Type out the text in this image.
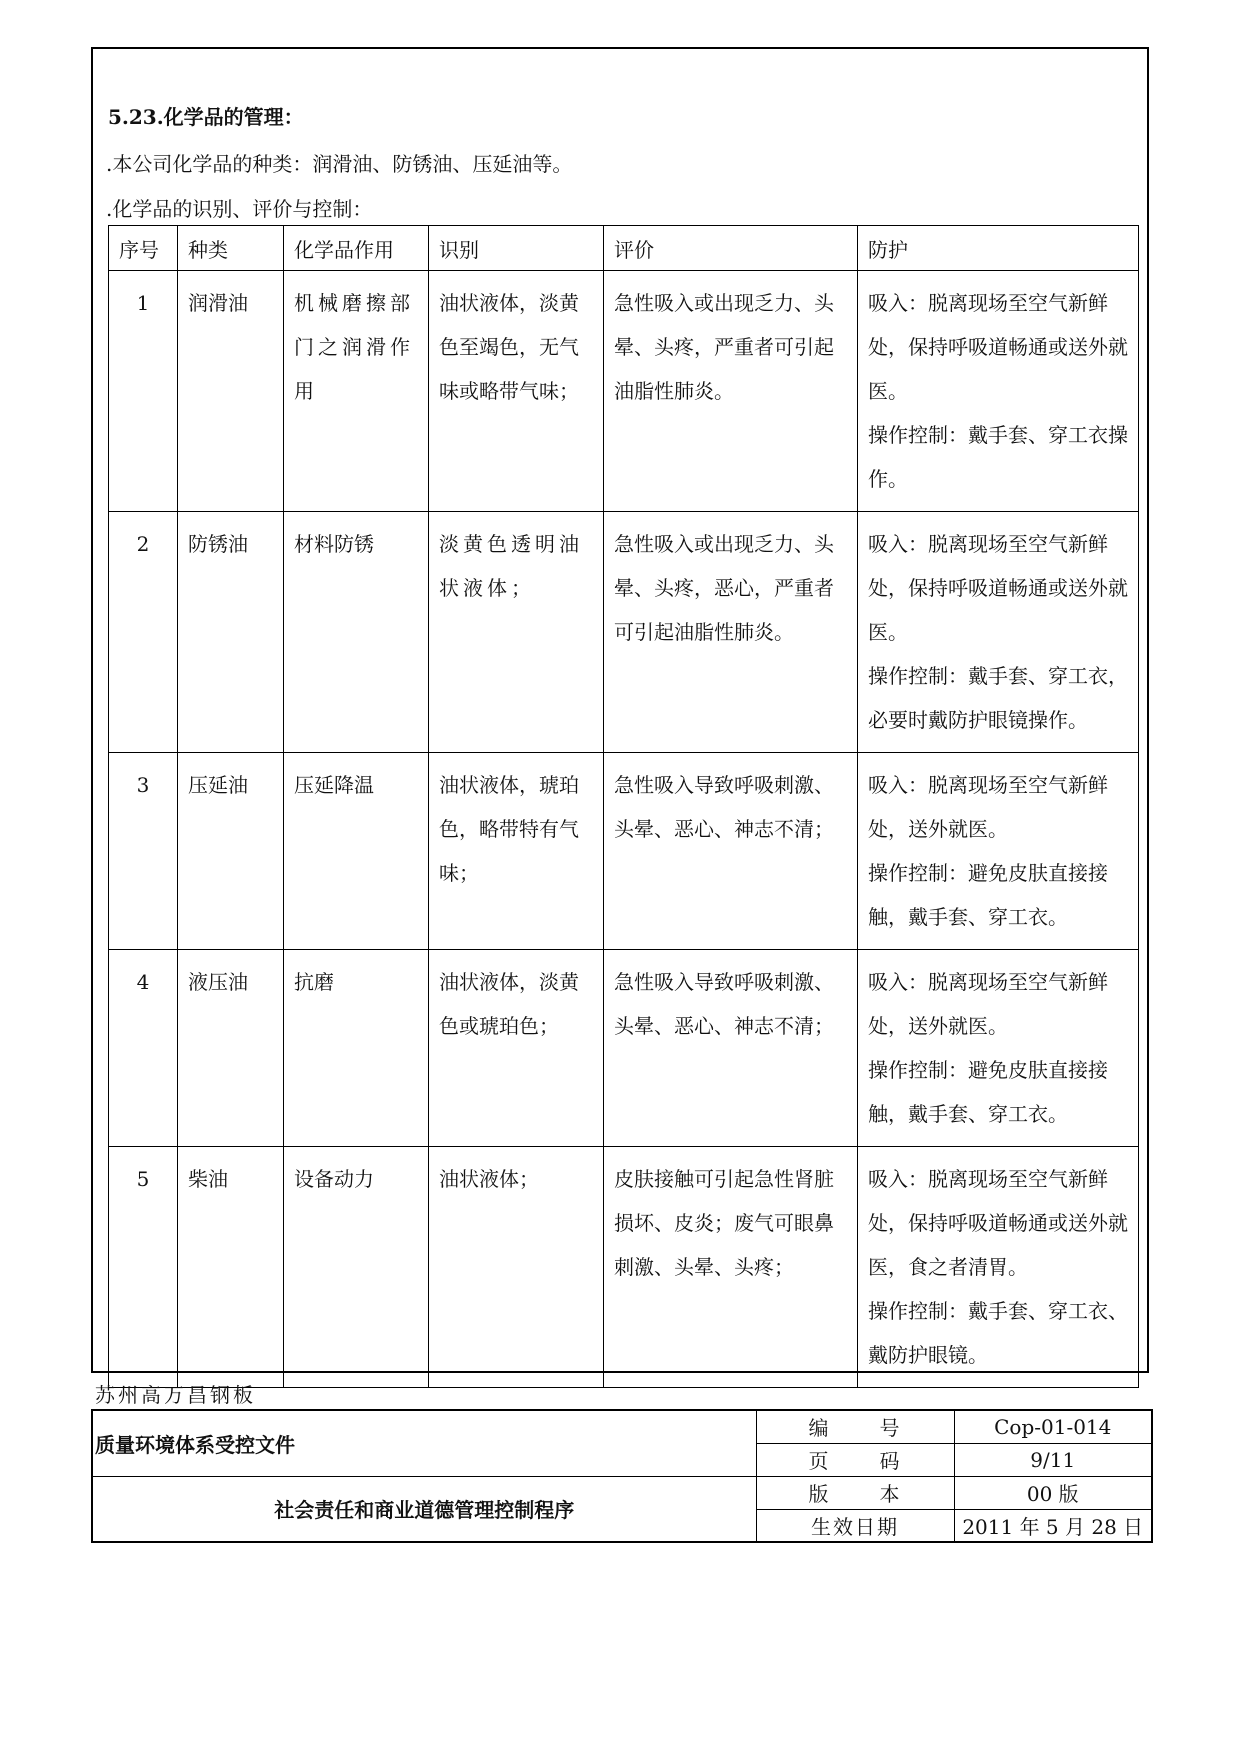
5.23.化学品的管理：
.本公司化学品的种类：润滑油、防锈油、压延油等。
.化学品的识别、评价与控制：
序号	种类	化学品作用	识别	评价	防护
1	润滑油	机械磨擦部门之润滑作用	油状液体，淡黄色至竭色，无气味或略带气味；	急性吸入或出现乏力、头晕、头疼，严重者可引起油脂性肺炎。	吸入：脱离现场至空气新鲜处，保持呼吸道畅通或送外就医。
操作控制：戴手套、穿工衣操作。

2	防锈油	材料防锈	淡黄色透明油状液体；	急性吸入或出现乏力、头晕、头疼，恶心，严重者可引起油脂性肺炎。	吸入：脱离现场至空气新鲜处，保持呼吸道畅通或送外就医。
操作控制：戴手套、穿工衣，必要时戴防护眼镜操作。

3	压延油	压延降温	油状液体，琥珀色，略带特有气味；	急性吸入导致呼吸刺激、头晕、恶心、神志不清；	吸入：脱离现场至空气新鲜处，送外就医。
操作控制：避免皮肤直接接触，戴手套、穿工衣。

4	液压油	抗磨	油状液体，淡黄色或琥珀色；	急性吸入导致呼吸刺激、头晕、恶心、神志不清；	吸入：脱离现场至空气新鲜处，送外就医。
操作控制：避免皮肤直接接触，戴手套、穿工衣。

5	柴油	设备动力	油状液体；	皮肤接触可引起急性肾脏损坏、皮炎；废气可眼鼻刺激、头晕、头疼；	吸入：脱离现场至空气新鲜处，保持呼吸道畅通或送外就医，食之者清胃。
操作控制：戴手套、穿工衣、戴防护眼镜。
苏州高万昌钢板
质量环境体系受控文件	编 号	Cop-01-014

	页 码	9/11
社会责任和商业道德管理控制程序	版 本	00 版
	生效日期	2011 年 5 月 28 日
